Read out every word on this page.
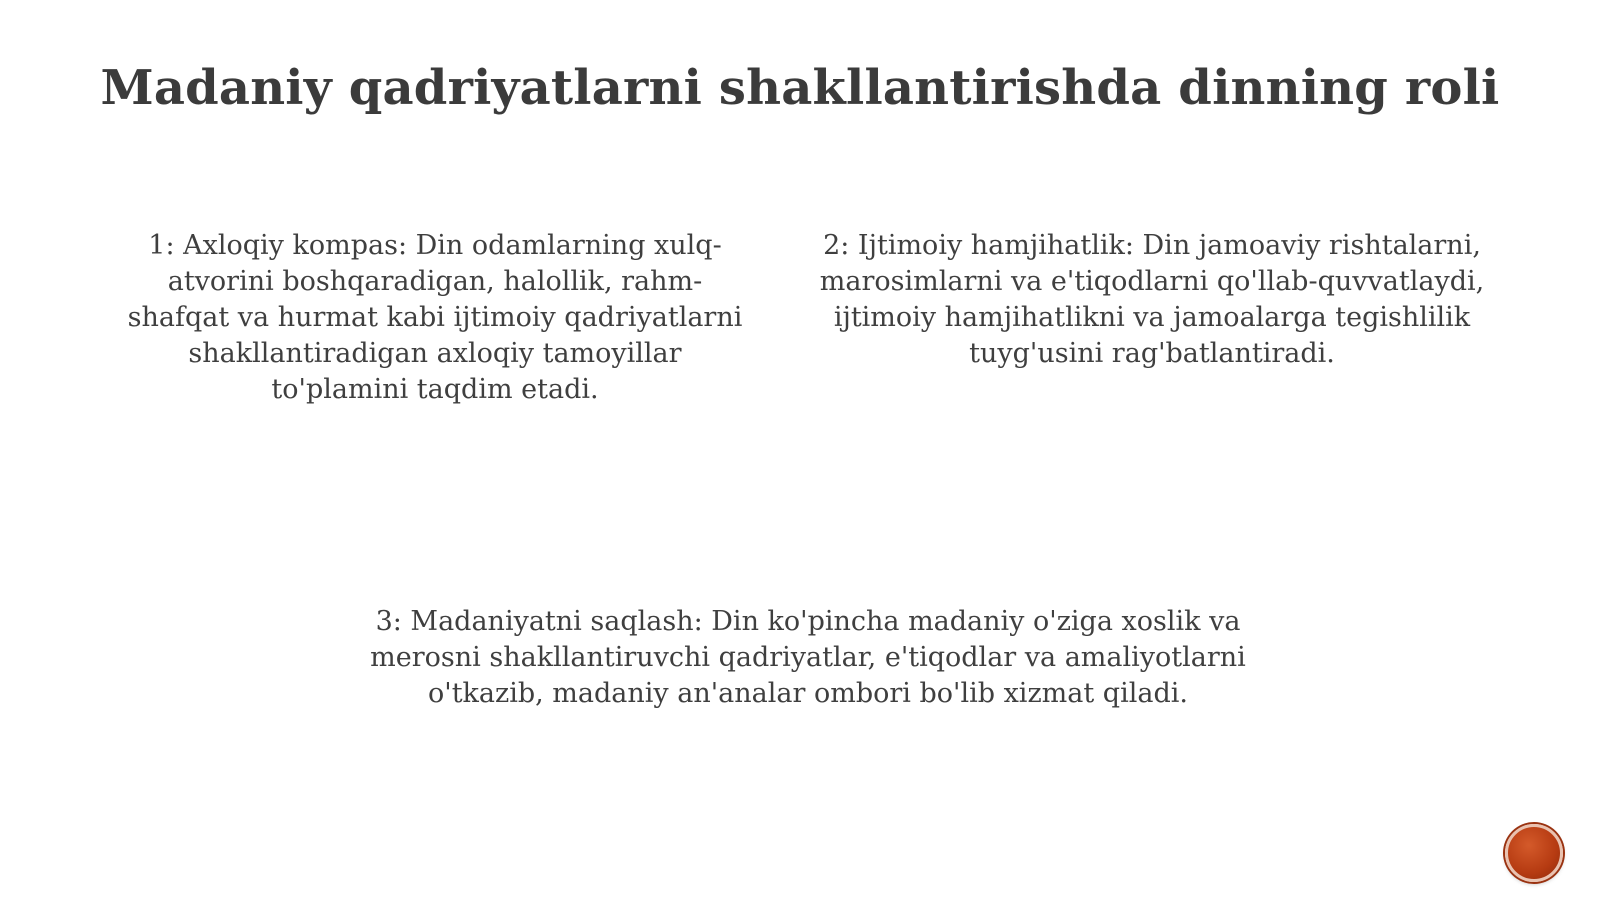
Madaniy qadriyatlarni shakllantirishda dinning roli
1: Axloqiy kompas: Din odamlarning xulq-atvorini boshqaradigan, halollik, rahm-shafqat va hurmat kabi ijtimoiy qadriyatlarni shakllantiradigan axloqiy tamoyillar to'plamini taqdim etadi.
2: Ijtimoiy hamjihatlik: Din jamoaviy rishtalarni, marosimlarni va e'tiqodlarni qo'llab-quvvatlaydi, ijtimoiy hamjihatlikni va jamoalarga tegishlilik tuyg'usini rag'batlantiradi.
3: Madaniyatni saqlash: Din ko'pincha madaniy o'ziga xoslik va merosni shakllantiruvchi qadriyatlar, e'tiqodlar va amaliyotlarni o'tkazib, madaniy an'analar ombori bo'lib xizmat qiladi.
